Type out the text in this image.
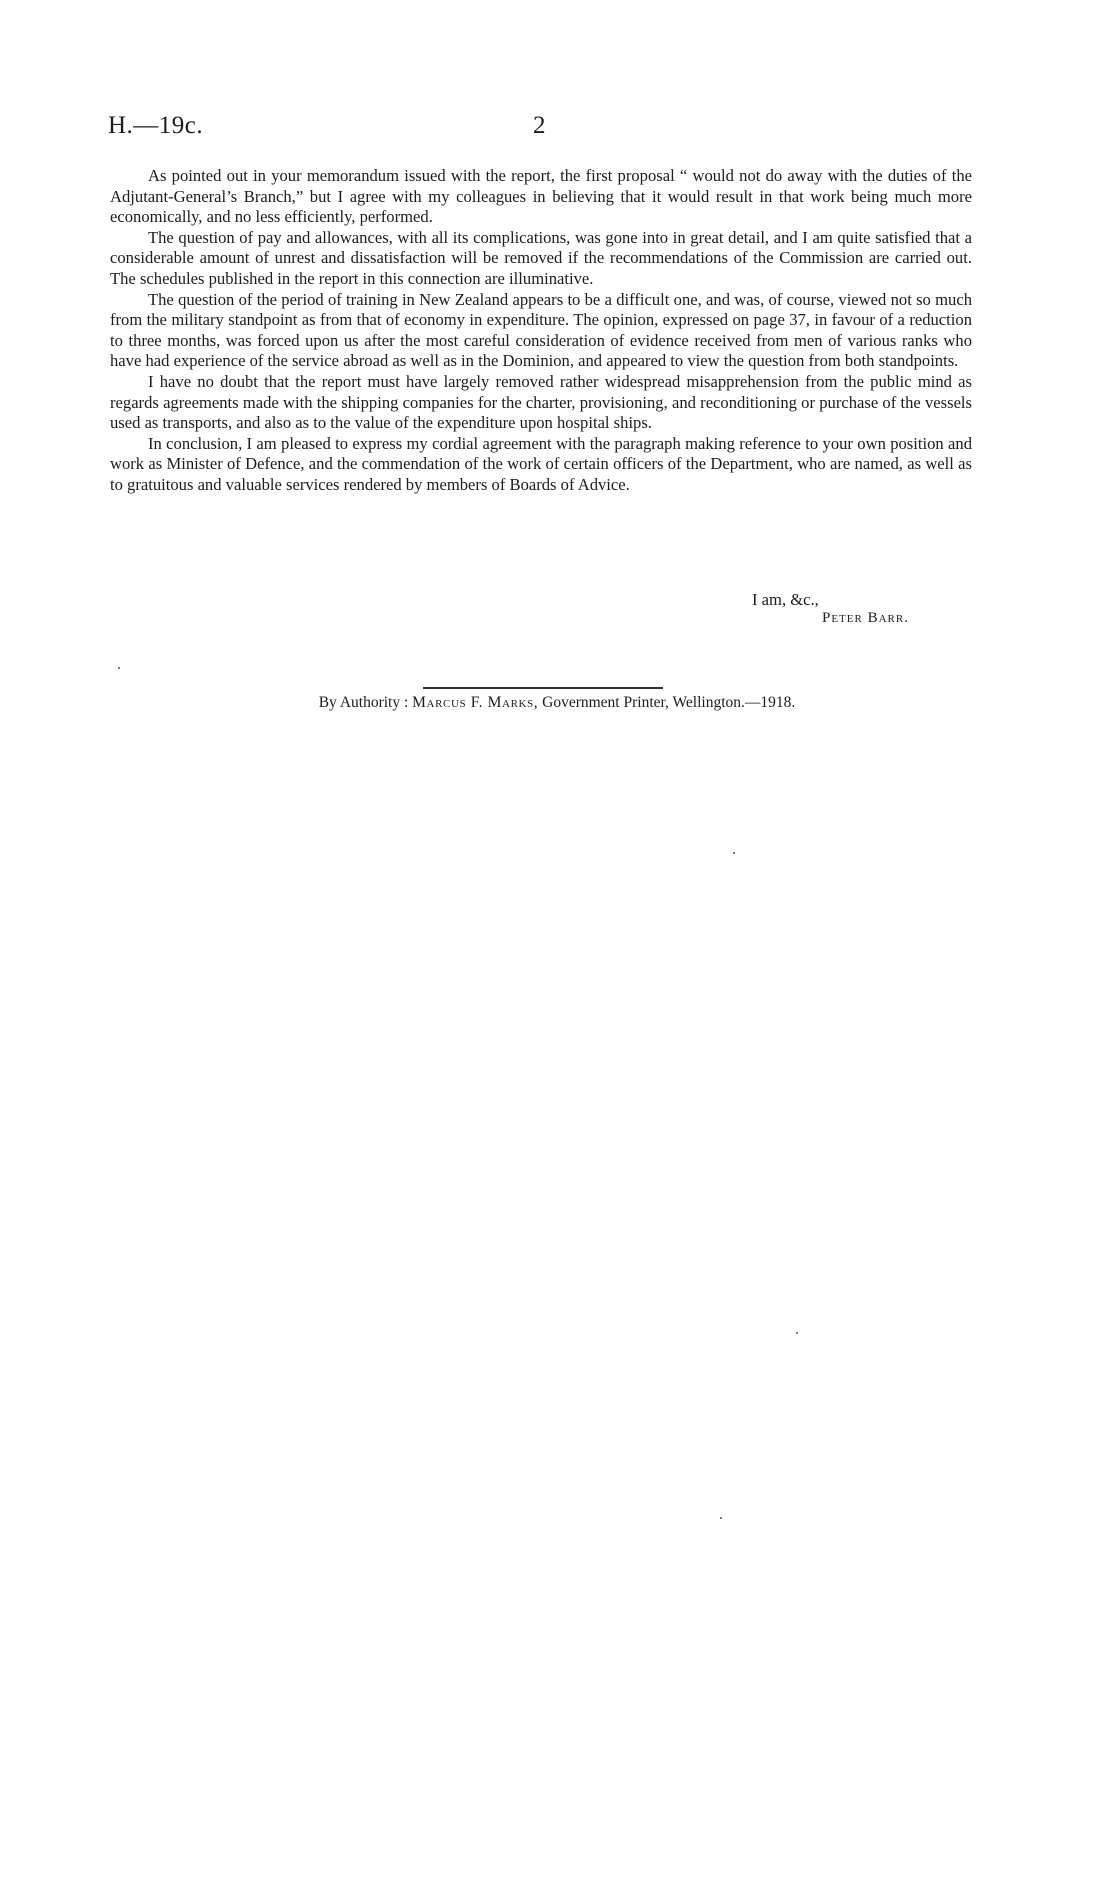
H.—19c.	2

As pointed out in your memorandum issued with the report, the first proposal “ would not do away with the duties of the Adjutant-General’s Branch,” but I agree with my colleagues in believing that it would result in that work being much more economically, and no less efficiently, performed.

The question of pay and allowances, with all its complications, was gone into in great detail, and I am quite satisfied that a considerable amount of unrest and dissatisfaction will be removed if the recommendations of the Commission are carried out. The schedules published in the report in this connection are illuminative.

The question of the period of training in New Zealand appears to be a difficult one, and was, of course, viewed not so much from the military standpoint as from that of economy in expenditure. The opinion, expressed on page 37, in favour of a reduction to three months, was forced upon us after the most careful consideration of evidence received from men of various ranks who have had experience of the service abroad as well as in the Dominion, and appeared to view the question from both standpoints.

I have no doubt that the report must have largely removed rather widespread misapprehension from the public mind as regards agreements made with the shipping companies for the charter, provisioning, and reconditioning or purchase of the vessels used as transports, and also as to the value of the expenditure upon hospital ships.

In conclusion, I am pleased to express my cordial agreement with the paragraph making reference to your own position and work as Minister of Defence, and the commendation of the work of certain officers of the Department, who are named, as well as to gratuitous and valuable services rendered by members of Boards of Advice.

I am, &c.,
Peter Barr.
By Authority : Marcus F. Marks, Government Printer, Wellington.—1918.
